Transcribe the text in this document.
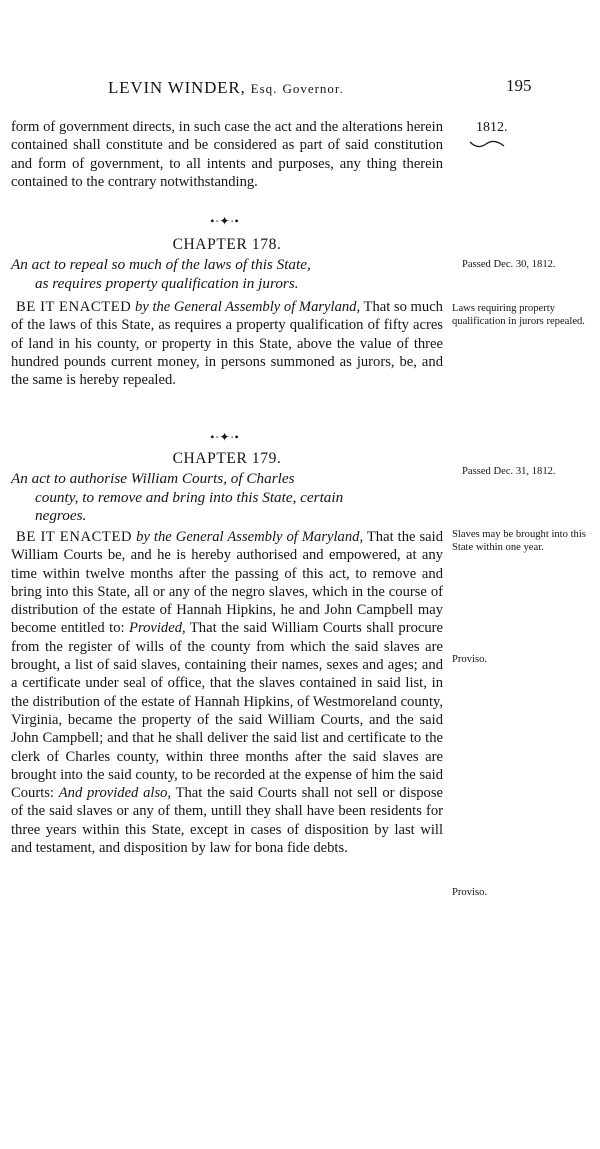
LEVIN WINDER, Esq. Governor.	195
1812.

form of government directs, in such case the act and the alterations herein contained shall constitute and be considered as part of said constitution and form of government, to all intents and purposes, any thing therein contained to the contrary notwithstanding.

•∙✦∙•
CHAPTER 178.
An act to repeal so much of the laws of this State,
as requires property qualification in jurors.
Passed Dec. 30, 1812.

BE IT ENACTED by the General Assembly of Maryland, That so much of the laws of this State, as requires a property qualification of fifty acres of land in his county, or property in this State, above the value of three hundred pounds current money, in persons summoned as jurors, be, and the same is hereby repealed.

Laws requiring property qualification in jurors repealed.
•∙✦∙•
CHAPTER 179.
An act to authorise William Courts, of Charles
county, to remove and bring into this State, certain
negroes.
Passed Dec. 31, 1812.

BE IT ENACTED by the General Assembly of Maryland, That the said William Courts be, and he is hereby authorised and empowered, at any time within twelve months after the passing of this act, to remove and bring into this State, all or any of the negro slaves, which in the course of distribution of the estate of Hannah Hipkins, he and John Campbell may become entitled to: Provided, That the said William Courts shall procure from the register of wills of the county from which the said slaves are brought, a list of said slaves, containing their names, sexes and ages; and a certificate under seal of office, that the slaves contained in said list, in the distribution of the estate of Hannah Hipkins, of Westmoreland county, Virginia, became the property of the said William Courts, and the said John Campbell; and that he shall deliver the said list and certificate to the clerk of Charles county, within three months after the said slaves are brought into the said county, to be recorded at the expense of him the said Courts: And provided also, That the said Courts shall not sell or dispose of the said slaves or any of them, untill they shall have been residents for three years within this State, except in cases of disposition by last will and testament, and disposition by law for bona fide debts.

Slaves may be brought into this State within one year.
Proviso.
Proviso.
